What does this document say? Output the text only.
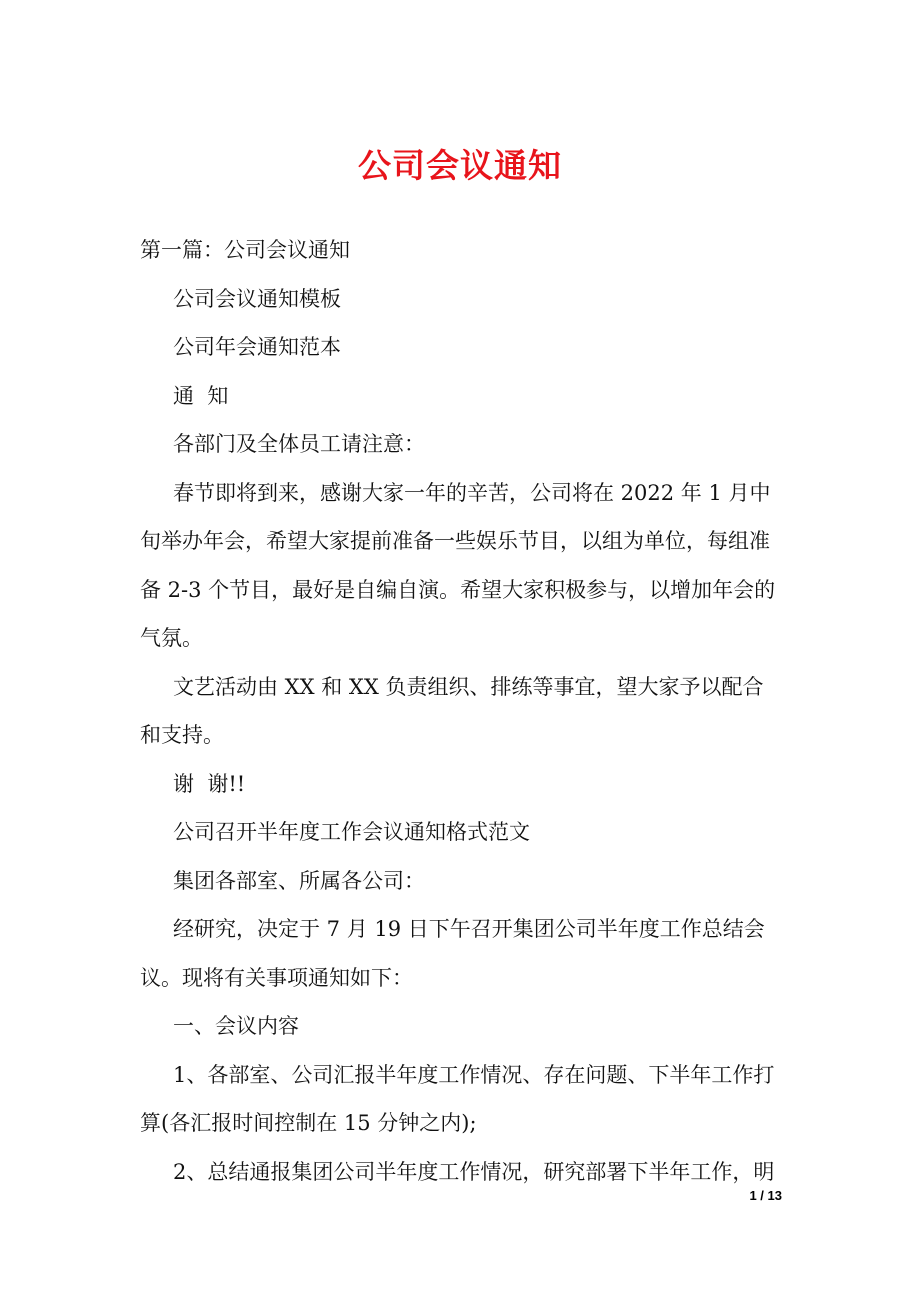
公司会议通知

第一篇：公司会议通知

公司会议通知模板

公司年会通知范本

通  知

各部门及全体员工请注意：

春节即将到来，感谢大家一年的辛苦，公司将在 2022 年 1 月中旬举办年会，希望大家提前准备一些娱乐节目，以组为单位，每组准备 2-3 个节目，最好是自编自演。希望大家积极参与，以增加年会的气氛。

文艺活动由 XX 和 XX 负责组织、排练等事宜，望大家予以配合和支持。

谢  谢!!

公司召开半年度工作会议通知格式范文

集团各部室、所属各公司：

经研究，决定于 7 月 19 日下午召开集团公司半年度工作总结会议。现将有关事项通知如下：

一、会议内容

1、各部室、公司汇报半年度工作情况、存在问题、下半年工作打算(各汇报时间控制在 15 分钟之内);

2、总结通报集团公司半年度工作情况，研究部署下半年工作，明

1 / 13
